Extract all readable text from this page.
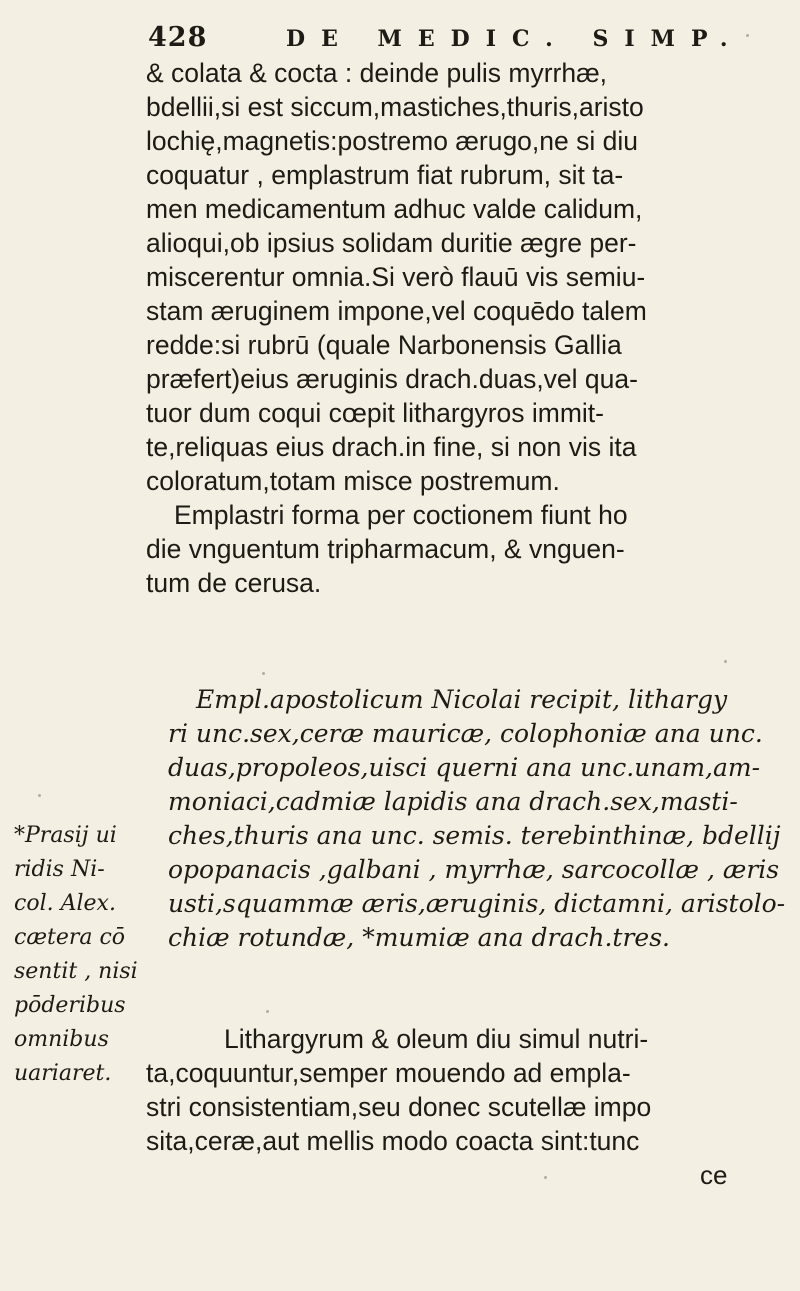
428	DE MEDIC. SIMP.
& colata & cocta : deinde pulis myrrhæ,
bdellii,si est siccum,mastiches,thuris,aristo
lochię,magnetis:postremo ærugo,ne si diu
coquatur , emplastrum fiat rubrum, sit ta-
men medicamentum adhuc valde calidum,
alioqui,ob ipsius solidam duritie ægre per-
miscerentur omnia.Si verò flauū vis semiu-
stam æruginem impone,vel coquēdo talem
redde:si rubrū (quale Narbonensis Gallia
præfert)eius æruginis drach.duas,vel qua-
tuor dum coqui cœpit lithargyros immit-
te,reliquas eius drach.in fine, si non vis ita
coloratum,totam misce postremum.
Emplastri forma per coctionem fiunt ho
die vnguentum tripharmacum, & vnguen-
tum de cerusa.
Empl.apostolicum Nicolai recipit, lithargy
ri unc.sex,ceræ mauricæ, colophoniæ ana unc.
duas,propoleos,uisci querni ana unc.unam,am-
moniaci,cadmiæ lapidis ana drach.sex,masti-
ches,thuris ana unc. semis. terebinthinæ, bdellij
opopanacis ,galbani , myrrhæ, sarcocollæ , æris
usti,squammæ æris,æruginis, dictamni, aristolo-
chiæ rotundæ, *mumiæ ana drach.tres.
Lithargyrum & oleum diu simul nutri-
ta,coquuntur,semper mouendo ad empla-
stri consistentiam,seu donec scutellæ impo
sita,ceræ,aut mellis modo coacta sint:tunc
ce
*Prasij ui
ridis Ni-
col. Alex.
cætera cō
sentit , nisi
pōderibus
omnibus
uariaret.
